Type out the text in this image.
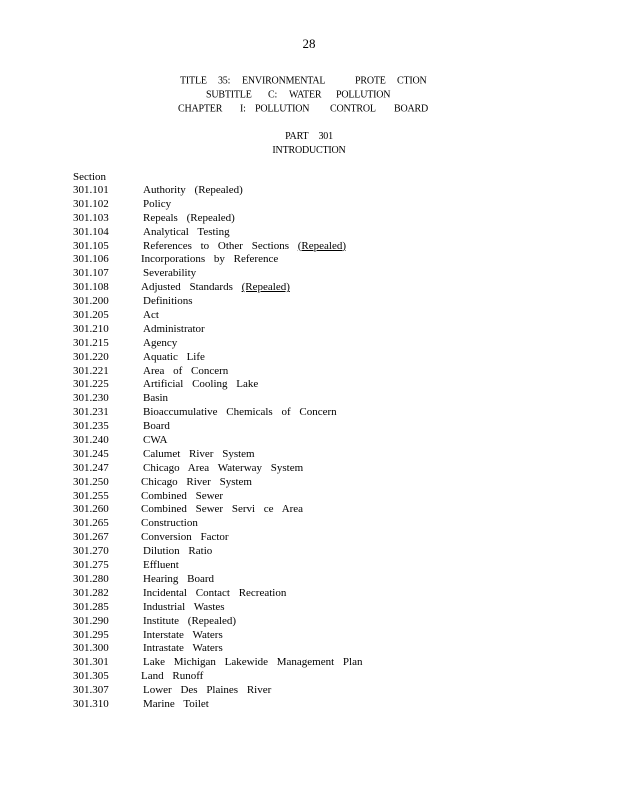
28
TITLE 35: ENVIRONMENTAL	PROTE CTION
SUBTITLE C: WATER POLLUTION
CHAPTER I: POLLUTION CONTROL BOARD
PART 301
INTRODUCTION
Section
301.101	Authority (Repealed)
301.102	Policy
301.103	Repeals (Repealed)
301.104	Analytical Testing
301.105	References to Other Sections (Repealed)
301.106	Incorporations by Reference
301.107	Severability
301.108	Adjusted Standards (Repealed)
301.200	Definitions
301.205	Act
301.210	Administrator
301.215	Agency
301.220	Aquatic Life
301.221	Area of Concern
301.225	Artificial Cooling Lake
301.230	Basin
301.231	Bioaccumulative Chemicals of Concern
301.235	Board
301.240	CWA
301.245	Calumet River System
301.247	Chicago Area Waterway System
301.250	Chicago River System
301.255	Combined Sewer
301.260	Combined Sewer Servi ce Area
301.265	Construction
301.267	Conversion Factor
301.270	Dilution Ratio
301.275	Effluent
301.280	Hearing Board
301.282	Incidental Contact Recreation
301.285	Industrial Wastes
301.290	Institute (Repealed)
301.295	Interstate Waters
301.300	Intrastate Waters
301.301	Lake Michigan Lakewide Management Plan
301.305	Land Runoff
301.307	Lower Des Plaines River
301.310	Marine Toilet
